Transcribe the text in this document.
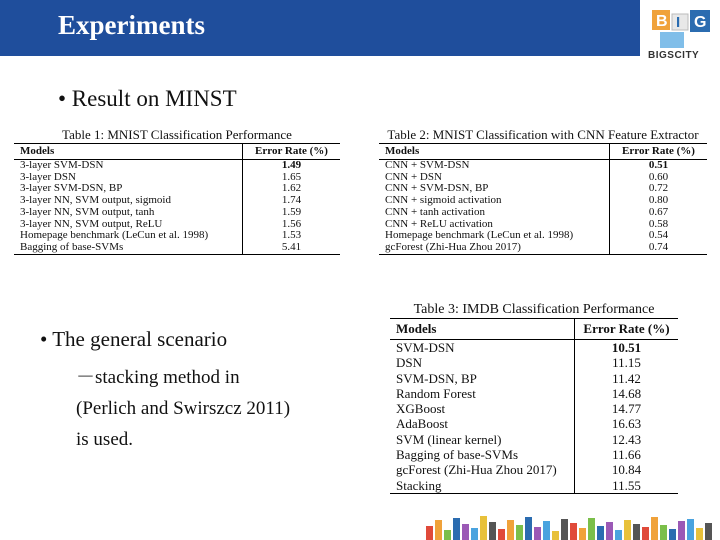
Experiments	B I G
BIGSCITY
• Result on MINST
Table 1: MNIST Classification Performance
Models	Error Rate (%)
3-layer SVM-DSN	1.49
3-layer DSN	1.65
3-layer SVM-DSN, BP	1.62
3-layer NN, SVM output, sigmoid	1.74
3-layer NN, SVM output, tanh	1.59
3-layer NN, SVM output, ReLU	1.56
Homepage benchmark (LeCun et al. 1998)	1.53
Bagging of base-SVMs	5.41
Table 2: MNIST Classification with CNN Feature Extractor
Models	Error Rate (%)
CNN + SVM-DSN	0.51
CNN + DSN	0.60
CNN + SVM-DSN, BP	0.72
CNN + sigmoid activation	0.80
CNN + tanh activation	0.67
CNN + ReLU activation	0.58
Homepage benchmark (LeCun et al. 1998)	0.54
gcForest (Zhi-Hua Zhou 2017)	0.74
• The general scenario
－stacking method in
(Perlich and Swirszcz 2011)
is used.
Table 3: IMDB Classification Performance
Models	Error Rate (%)
SVM-DSN	10.51
DSN	11.15
SVM-DSN, BP	11.42
Random Forest	14.68
XGBoost	14.77
AdaBoost	16.63
SVM (linear kernel)	12.43
Bagging of base-SVMs	11.66
gcForest (Zhi-Hua Zhou 2017)	10.84
Stacking	11.55
